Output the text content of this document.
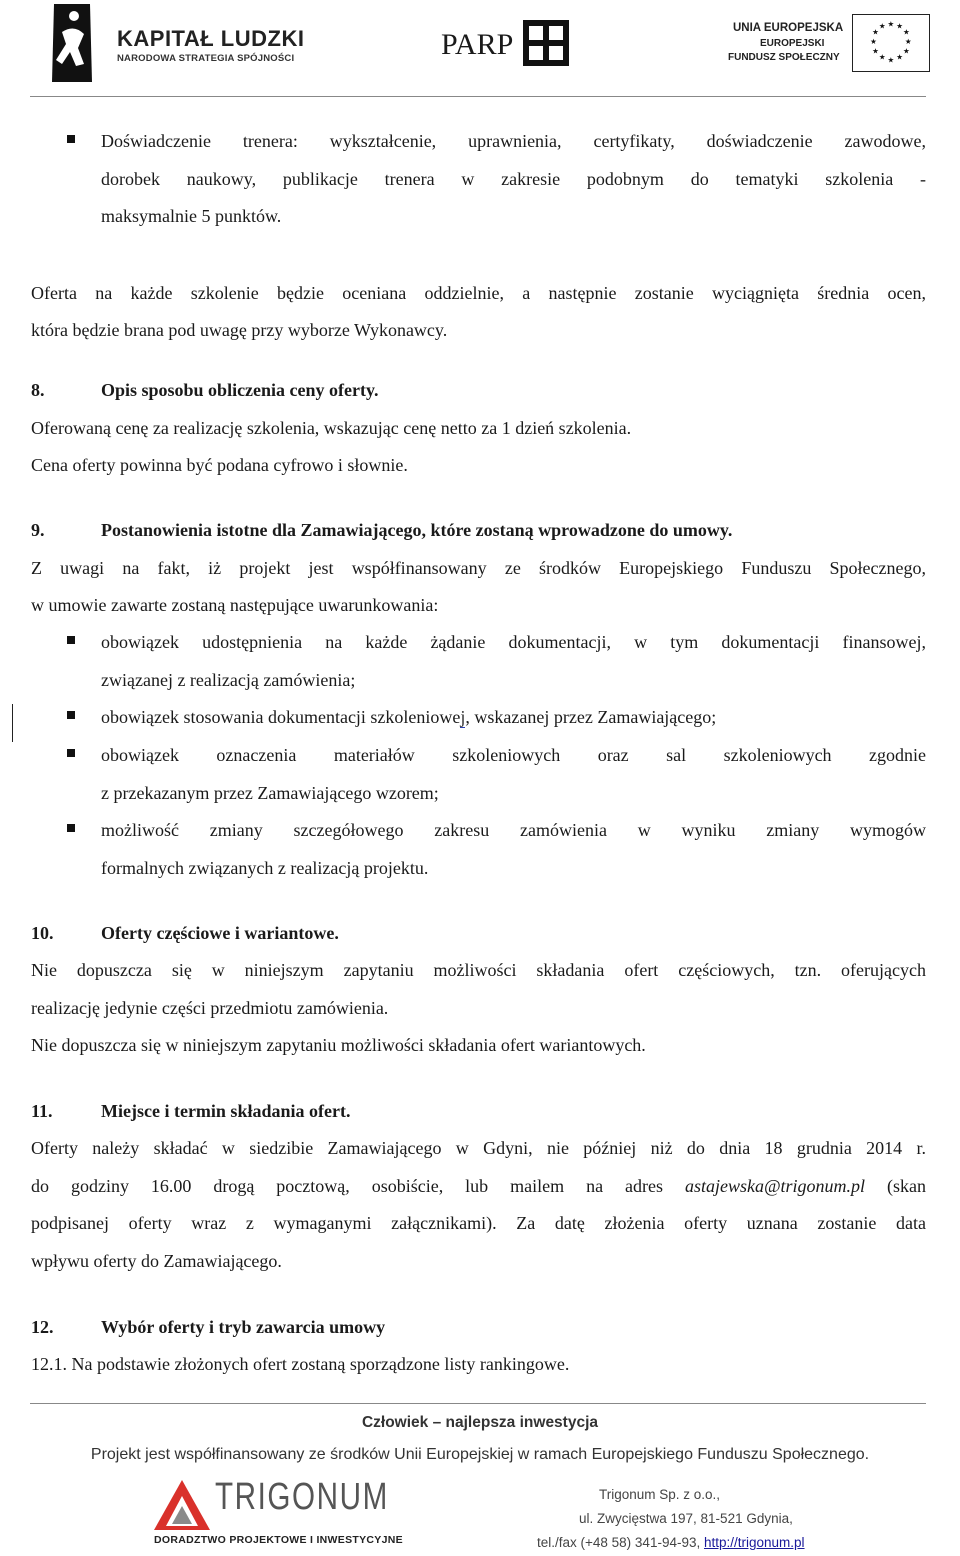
KAPITAŁ LUDZKI
NARODOWA STRATEGIA SPÓJNOŚCI	PARP	UNIA EUROPEJSKA
EUROPEJSKI
FUNDUSZ SPOŁECZNY
★ ★
★
★
★
★
★
★
★
★
★
★
Doświadczenie trenera: wykształcenie, uprawnienia, certyfikaty, doświadczenie zawodowe,
dorobek naukowy, publikacje trenera w zakresie podobnym do tematyki szkolenia -
maksymalnie 5 punktów.
Oferta na każde szkolenie będzie oceniana oddzielnie, a następnie zostanie wyciągnięta średnia ocen,
która będzie brana pod uwagę przy wyborze Wykonawcy.
8.	Opis sposobu obliczenia ceny oferty.
Oferowaną cenę za realizację szkolenia, wskazując cenę netto za 1 dzień szkolenia.
Cena oferty powinna być podana cyfrowo i słownie.
9.	Postanowienia istotne dla Zamawiającego, które zostaną wprowadzone do umowy.
Z uwagi na fakt, iż projekt jest współfinansowany ze środków Europejskiego Funduszu Społecznego,
w umowie zawarte zostaną następujące uwarunkowania:
obowiązek udostępnienia na każde żądanie dokumentacji, w tym dokumentacji finansowej,
związanej z realizacją zamówienia;
obowiązek stosowania dokumentacji szkoleniowej, wskazanej przez Zamawiającego;
obowiązek oznaczenia materiałów szkoleniowych oraz sal szkoleniowych zgodnie
z przekazanym przez Zamawiającego wzorem;
możliwość zmiany szczegółowego zakresu zamówienia w wyniku zmiany wymogów
formalnych związanych z realizacją projektu.
10.	Oferty częściowe i wariantowe.
Nie dopuszcza się w niniejszym zapytaniu możliwości składania ofert częściowych, tzn. oferujących
realizację jedynie części przedmiotu zamówienia.
Nie dopuszcza się w niniejszym zapytaniu możliwości składania ofert wariantowych.
11.	Miejsce i termin składania ofert.
Oferty należy składać w siedzibie Zamawiającego w Gdyni, nie później niż do dnia 18 grudnia 2014 r.
do godziny 16.00 drogą pocztową, osobiście, lub mailem na adres astajewska@trigonum.pl (skan
podpisanej oferty wraz z wymaganymi załącznikami). Za datę złożenia oferty uznana zostanie data
wpływu oferty do Zamawiającego.
12.	Wybór oferty i tryb zawarcia umowy
12.1. Na podstawie złożonych ofert zostaną sporządzone listy rankingowe.
Człowiek – najlepsza inwestycja
Projekt jest współfinansowany ze środków Unii Europejskiej w ramach Europejskiego Funduszu Społecznego.
TRIGONUM
DORADZTWO PROJEKTOWE I INWESTYCYJNE
Trigonum Sp. z o.o.,
ul. Zwycięstwa 197, 81-521 Gdynia,
tel./fax (+48 58) 341-94-93, http://trigonum.pl
